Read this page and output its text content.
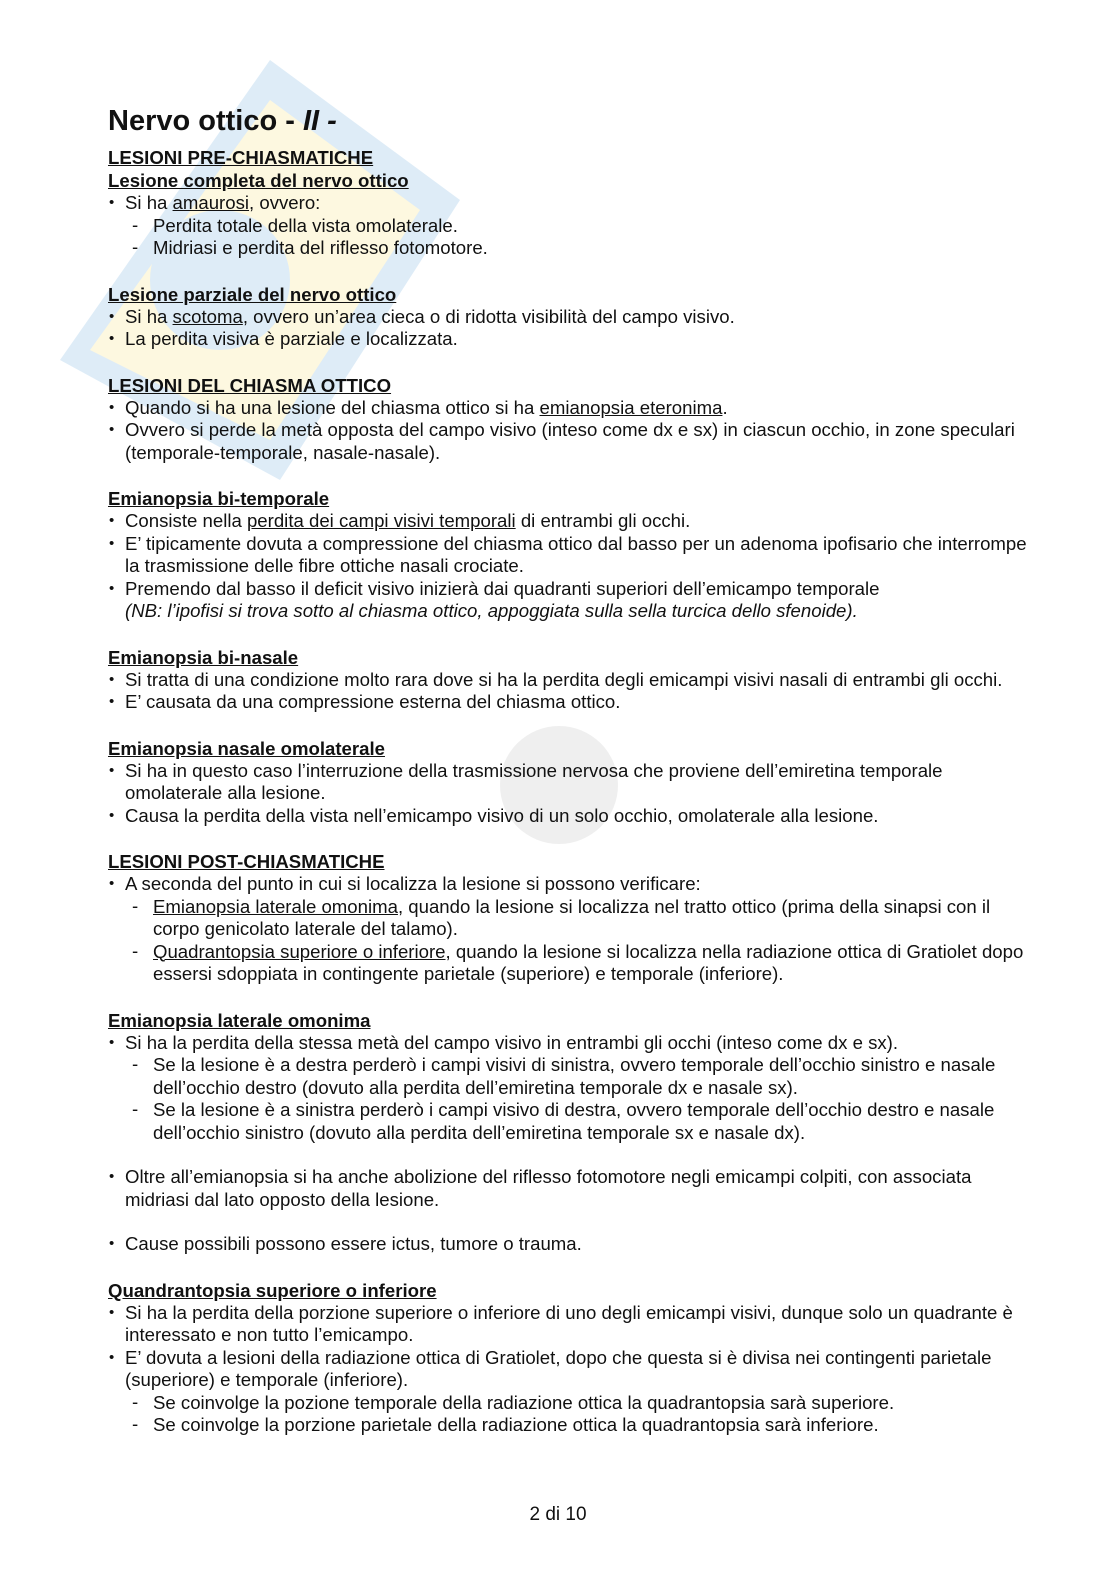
Nervo ottico - II -

LESIONI PRE-CHIASMATICHE

Lesione completa del nervo ottico

• Si ha amaurosi, ovvero:
- Perdita totale della vista omolaterale.
- Midriasi e perdita del riflesso fotomotore.

Lesione parziale del nervo ottico

• Si ha scotoma, ovvero un’area cieca o di ridotta visibilità del campo visivo.
• La perdita visiva è parziale e localizzata.

LESIONI DEL CHIASMA OTTICO

• Quando si ha una lesione del chiasma ottico si ha emianopsia eteronima.
• Ovvero si perde la metà opposta del campo visivo (inteso come dx e sx) in ciascun occhio, in zone speculari (temporale-temporale, nasale-nasale).

Emianopsia bi-temporale

• Consiste nella perdita dei campi visivi temporali di entrambi gli occhi.
• E’ tipicamente dovuta a compressione del chiasma ottico dal basso per un adenoma ipofisario che interrompe la trasmissione delle fibre ottiche nasali crociate.
• Premendo dal basso il deficit visivo inizierà dai quadranti superiori dell’emicampo temporale
(NB: l’ipofisi si trova sotto al chiasma ottico, appoggiata sulla sella turcica dello sfenoide).

Emianopsia bi-nasale

• Si tratta di una condizione molto rara dove si ha la perdita degli emicampi visivi nasali di entrambi gli occhi.
• E’ causata da una compressione esterna del chiasma ottico.

Emianopsia nasale omolaterale

• Si ha in questo caso l’interruzione della trasmissione nervosa che proviene dell’emiretina temporale omolaterale alla lesione.
• Causa la perdita della vista nell’emicampo visivo di un solo occhio, omolaterale alla lesione.

LESIONI POST-CHIASMATICHE

• A seconda del punto in cui si localizza la lesione si possono verificare:
- Emianopsia laterale omonima, quando la lesione si localizza nel tratto ottico (prima della sinapsi con il corpo genicolato laterale del talamo).
- Quadrantopsia superiore o inferiore, quando la lesione si localizza nella radiazione ottica di Gratiolet dopo essersi sdoppiata in contingente parietale (superiore) e temporale (inferiore).

Emianopsia laterale omonima

• Si ha la perdita della stessa metà del campo visivo in entrambi gli occhi (inteso come dx e sx).
- Se la lesione è a destra perderò i campi visivi di sinistra, ovvero temporale dell’occhio sinistro e nasale dell’occhio destro (dovuto alla perdita dell’emiretina temporale dx e nasale sx).
- Se la lesione è a sinistra perderò i campi visivo di destra, ovvero temporale dell’occhio destro e nasale dell’occhio sinistro (dovuto alla perdita dell’emiretina temporale sx e nasale dx).
• Oltre all’emianopsia si ha anche abolizione del riflesso fotomotore negli emicampi colpiti, con associata midriasi dal lato opposto della lesione.
• Cause possibili possono essere ictus, tumore o trauma.

Quandrantopsia superiore o inferiore

• Si ha la perdita della porzione superiore o inferiore di uno degli emicampi visivi, dunque solo un quadrante è interessato e non tutto l’emicampo.
• E’ dovuta a lesioni della radiazione ottica di Gratiolet, dopo che questa si è divisa nei contingenti parietale (superiore) e temporale (inferiore).
- Se coinvolge la pozione temporale della radiazione ottica la quadrantopsia sarà superiore.
- Se coinvolge la porzione parietale della radiazione ottica la quadrantopsia sarà inferiore.
2 di 10
